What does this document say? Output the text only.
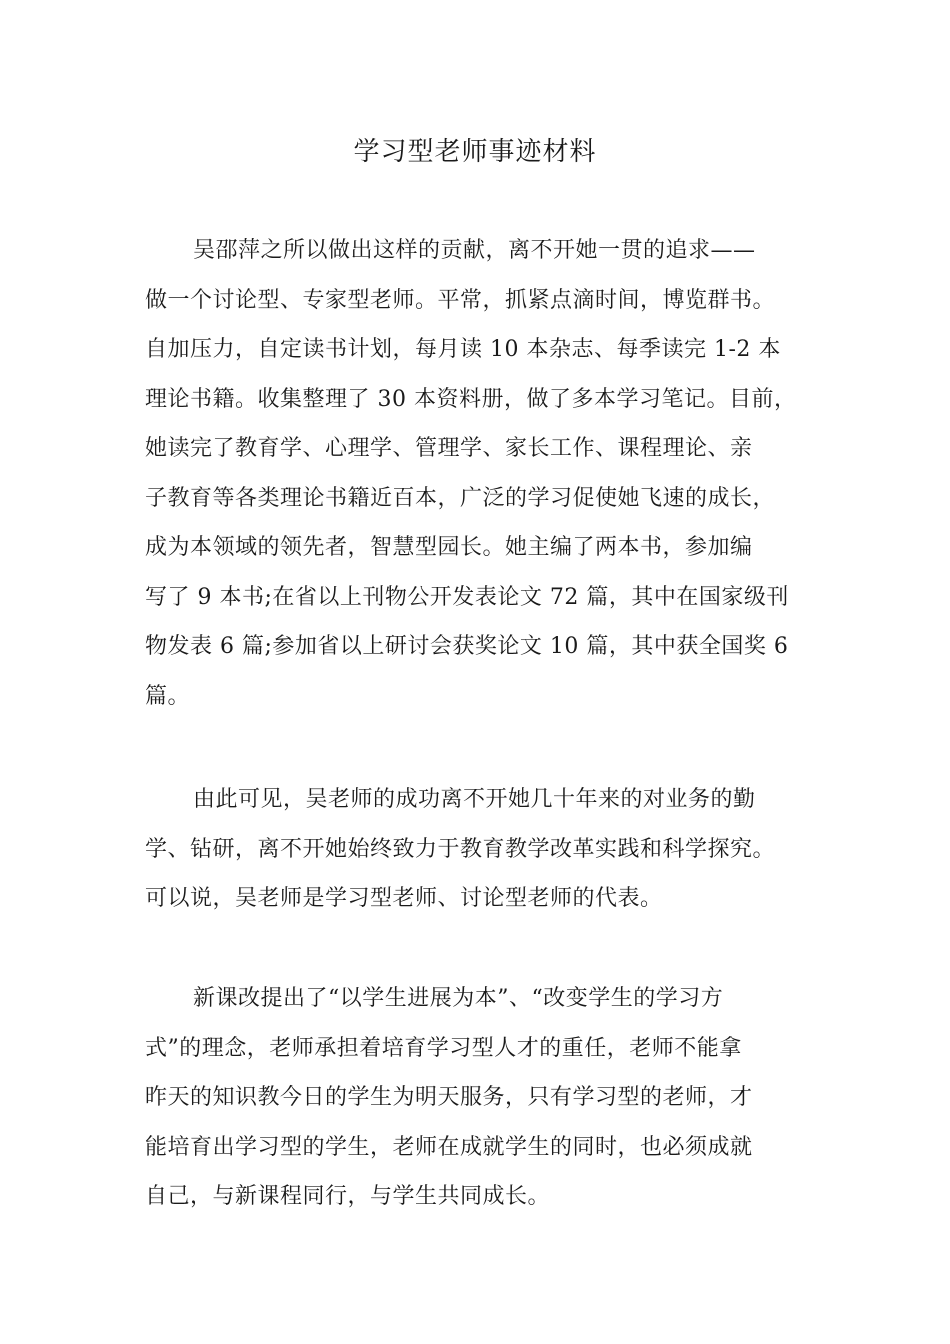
学习型老师事迹材料
吴邵萍之所以做出这样的贡献，离不开她一贯的追求——
做一个讨论型、专家型老师。平常，抓紧点滴时间，博览群书。
自加压力，自定读书计划，每月读 10 本杂志、每季读完 1-2 本
理论书籍。收集整理了 30 本资料册，做了多本学习笔记。目前，
她读完了教育学、心理学、管理学、家长工作、课程理论、亲
子教育等各类理论书籍近百本，广泛的学习促使她飞速的成长，
成为本领域的领先者，智慧型园长。她主编了两本书，参加编
写了 9 本书;在省以上刊物公开发表论文 72 篇，其中在国家级刊
物发表 6 篇;参加省以上研讨会获奖论文 10 篇，其中获全国奖 6
篇。
由此可见，吴老师的成功离不开她几十年来的对业务的勤
学、钻研，离不开她始终致力于教育教学改革实践和科学探究。
可以说，吴老师是学习型老师、讨论型老师的代表。
新课改提出了“以学生进展为本”、“改变学生的学习方
式”的理念，老师承担着培育学习型人才的重任，老师不能拿
昨天的知识教今日的学生为明天服务，只有学习型的老师，才
能培育出学习型的学生，老师在成就学生的同时，也必须成就
自己，与新课程同行，与学生共同成长。
